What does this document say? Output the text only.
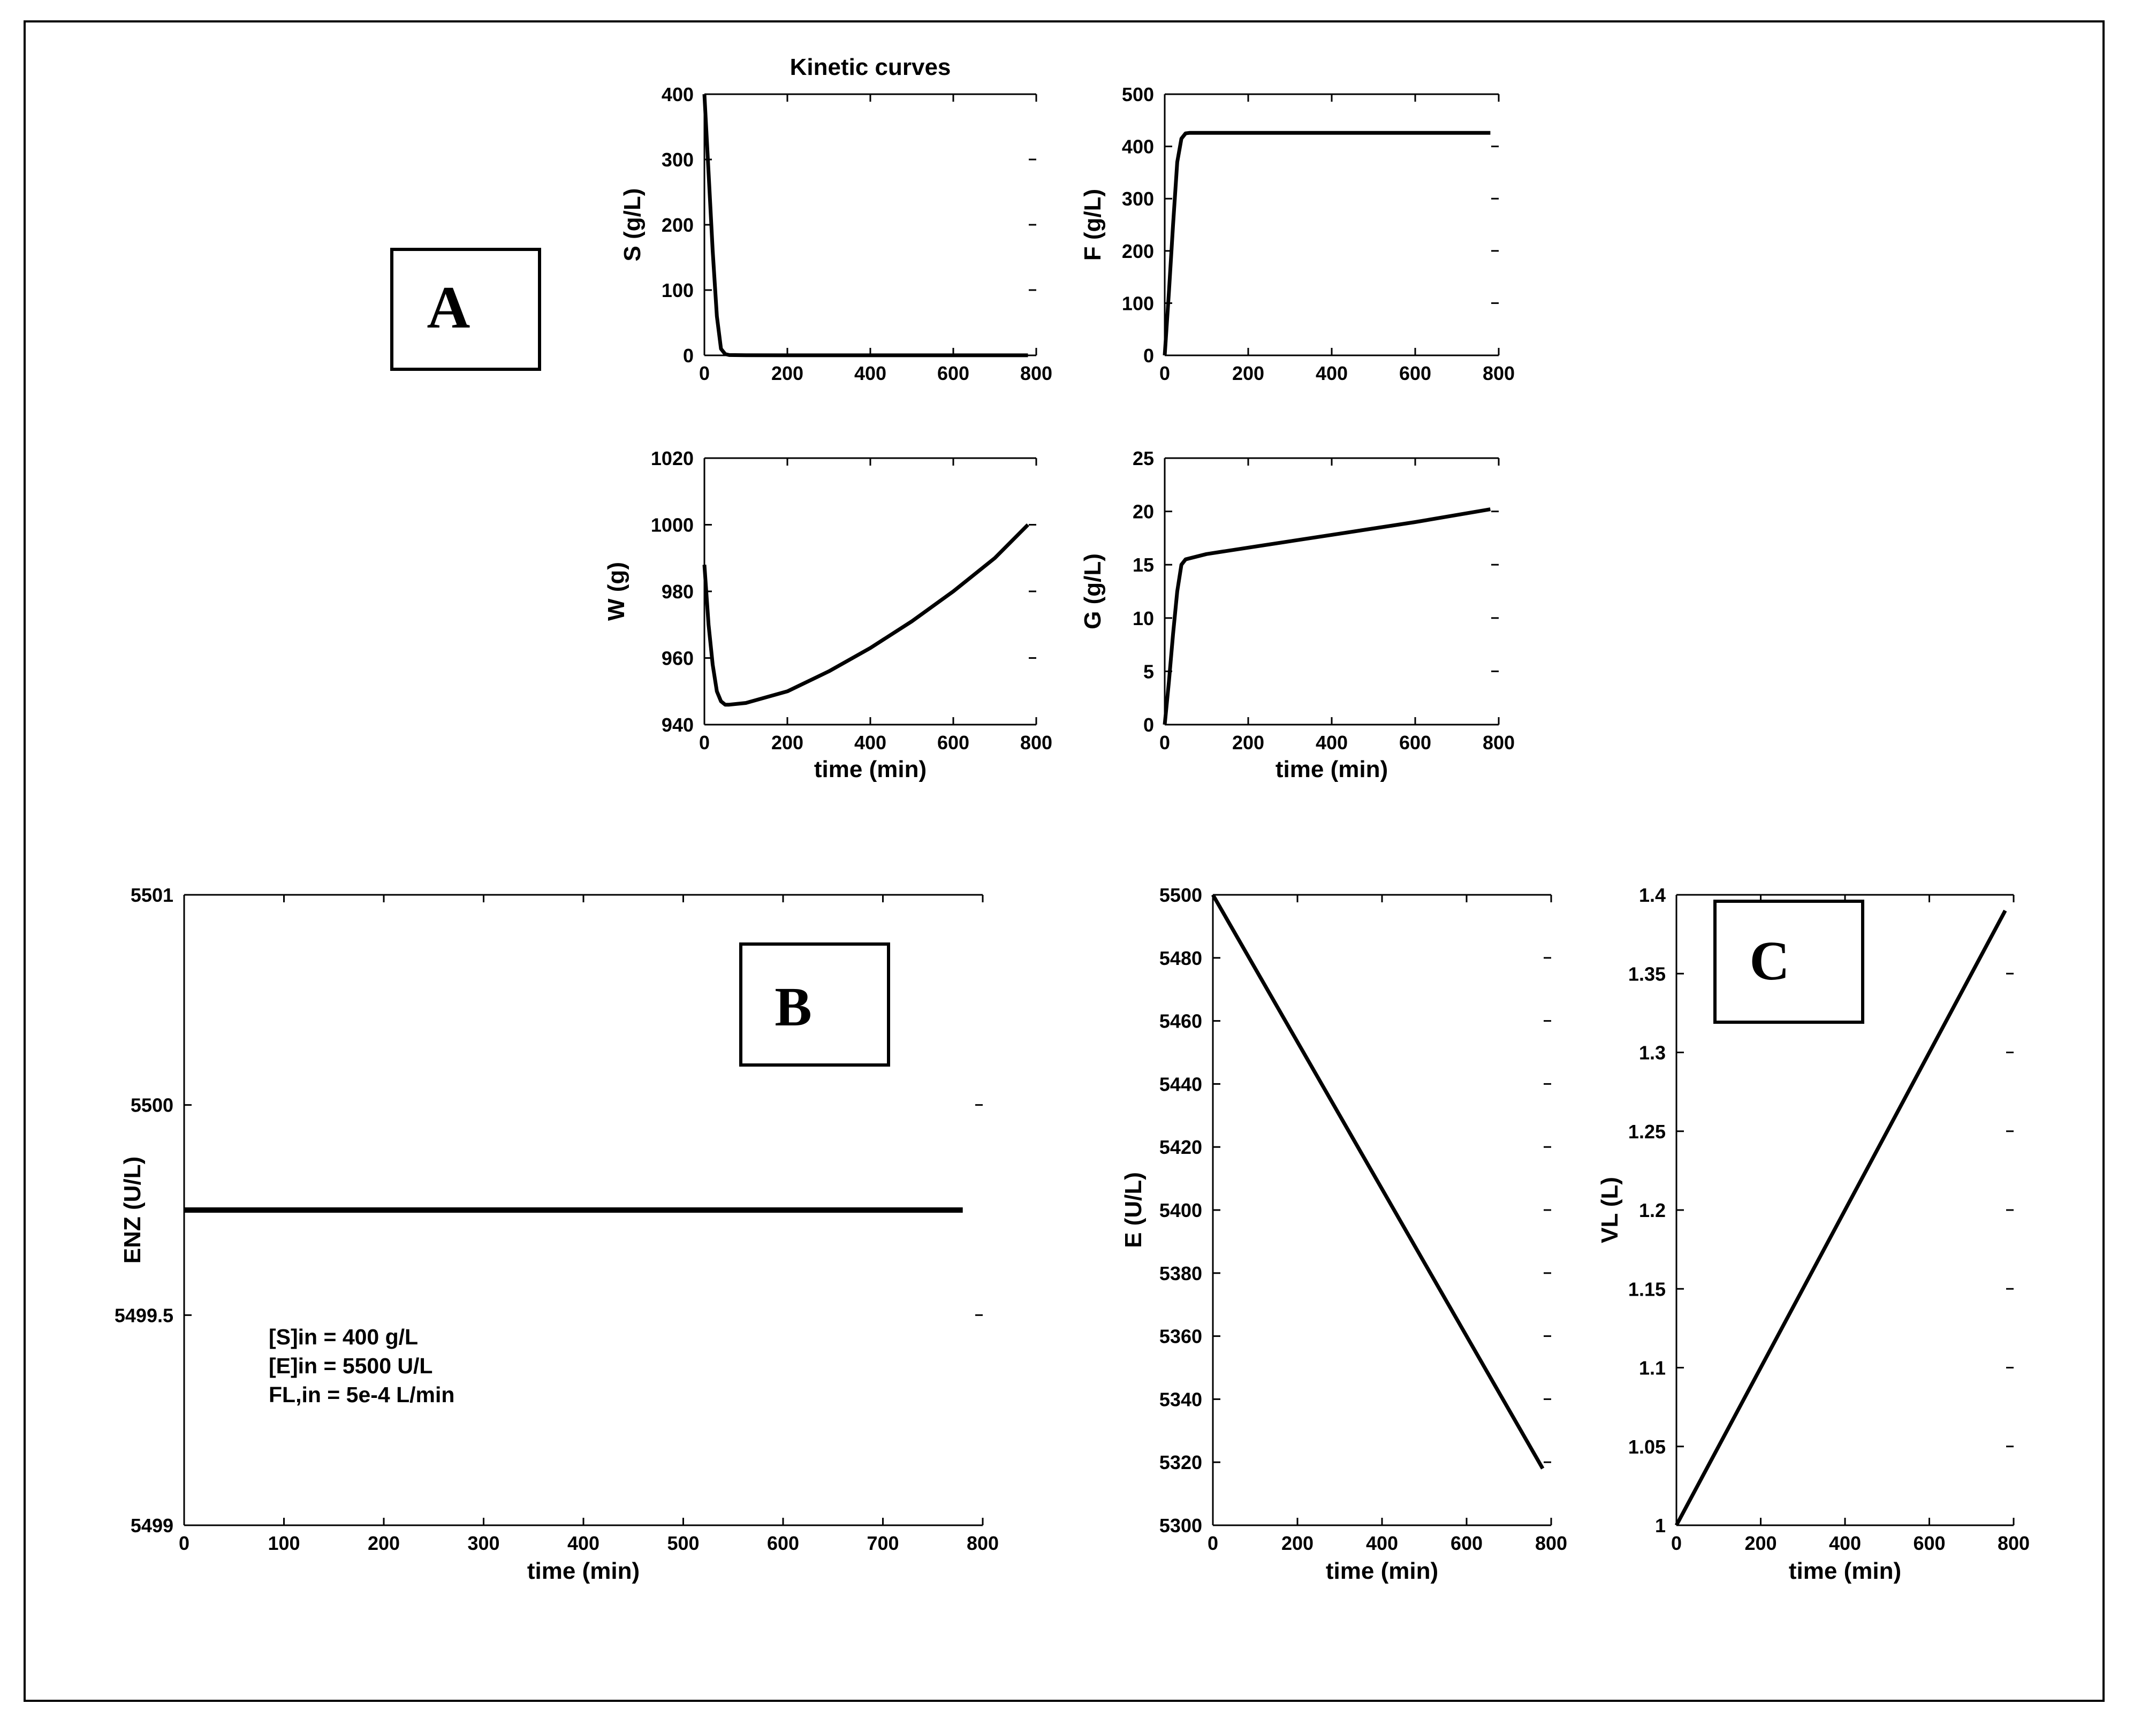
A
B
C
0	200	400	600	800
0
100
200
300
400
S (g/L)
Kinetic curves
0	200	400	600	800
0
100
200
300
400
500
F (g/L)
0	200	400	600	800
940
960
980
1000
1020
W (g)
time (min)
0	200	400	600	800
0
5
10
15
20
25
G (g/L)
time (min)
0	100	200	300	400	500	600	700	800
5499
5499.5
5500
5501
ENZ (U/L)
time (min)
0	200	400	600	800
5300
5320
5340
5360
5380
5400
5420
5440
5460
5480
5500
E (U/L)
time (min)
0	200	400	600	800
1
1.05
1.1
1.15
1.2
1.25
1.3
1.35
1.4
VL (L)
time (min)
[S]in = 400 g/L
[E]in = 5500 U/L
FL,in = 5e-4 L/min
